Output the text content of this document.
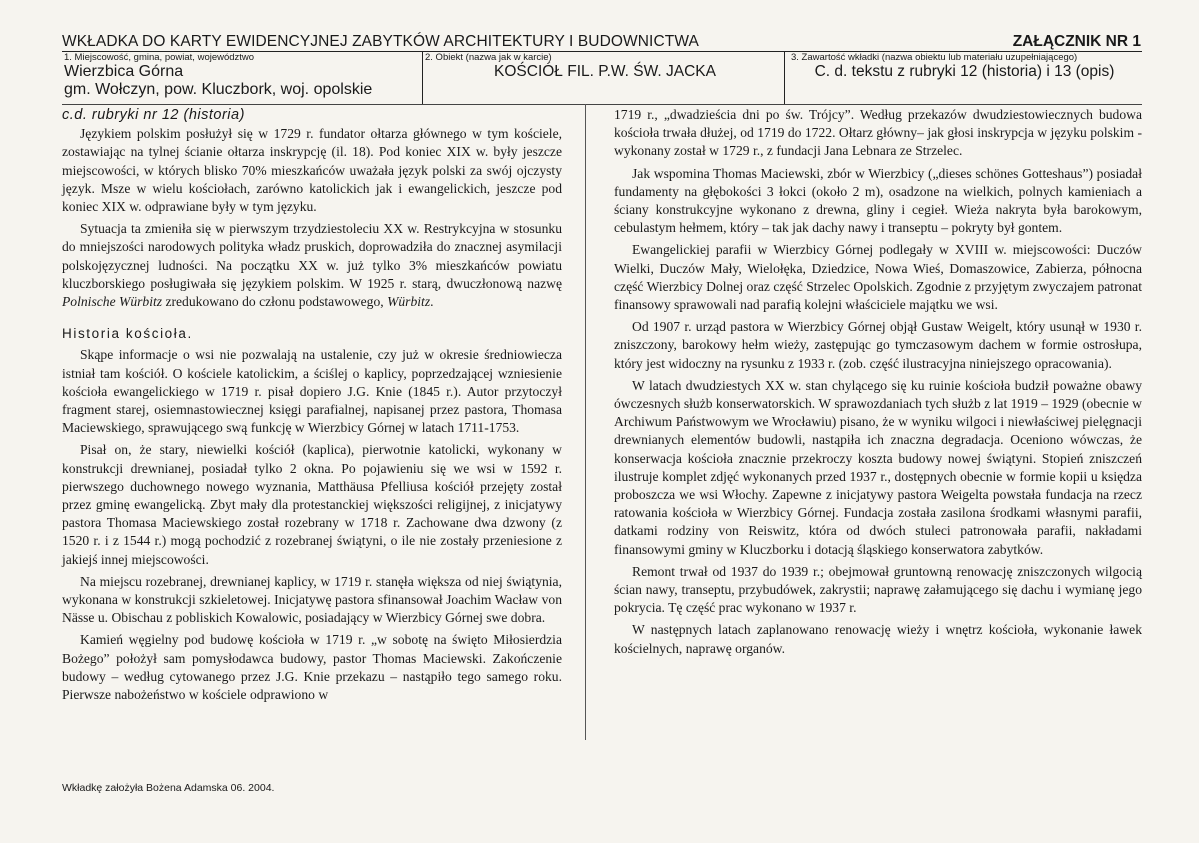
WKŁADKA DO KARTY EWIDENCYJNEJ ZABYTKÓW ARCHITEKTURY I BUDOWNICTWA	ZAŁĄCZNIK NR 1
1. Miejscowość, gmina, powiat, województwo
Wierzbica Górna
gm. Wołczyn, pow. Kluczbork, woj. opolskie
2. Obiekt (nazwa jak w karcie)
KOŚCIÓŁ FIL. P.W. ŚW. JACKA
3. Zawartość wkładki (nazwa obiektu lub materiału uzupełniającego)
C. d. tekstu z rubryki 12 (historia) i 13 (opis)
c.d. rubryki nr 12 (historia)

Językiem polskim posłużył się w 1729 r. fundator ołtarza głównego w tym kościele, zostawiając na tylnej ścianie ołtarza inskrypcję (il. 18). Pod koniec XIX w. były jeszcze miejscowości, w których blisko 70% mieszkańców uważała język polski za swój ojczysty język. Msze w wielu kościołach, zarówno katolickich jak i ewangelickich, jeszcze pod koniec XIX w. odprawiane były w tym języku.

Sytuacja ta zmieniła się w pierwszym trzydziestoleciu XX w. Restrykcyjna w stosunku do mniejszości narodowych polityka władz pruskich, doprowadziła do znacznej asymilacji polskojęzycznej ludności. Na początku XX w. już tylko 3% mieszkańców powiatu kluczborskiego posługiwała się językiem polskim. W 1925 r. starą, dwuczłonową nazwę Polnische Würbitz zredukowano do członu podstawowego, Würbitz.

Historia kościoła.

Skąpe informacje o wsi nie pozwalają na ustalenie, czy już w okresie średniowiecza istniał tam kościół. O kościele katolickim, a ściślej o kaplicy, poprzedzającej wzniesienie kościoła ewangelickiego w 1719 r. pisał dopiero J.G. Knie (1845 r.). Autor przytoczył fragment starej, osiemnastowiecznej księgi parafialnej, napisanej przez pastora, Thomasa Maciewskiego, sprawującego swą funkcję w Wierzbicy Górnej w latach 1711-1753.

Pisał on, że stary, niewielki kościół (kaplica), pierwotnie katolicki, wykonany w konstrukcji drewnianej, posiadał tylko 2 okna. Po pojawieniu się we wsi w 1592 r. pierwszego duchownego nowego wyznania, Matthäusa Pfelliusa kościół przejęty został przez gminę ewangelicką. Zbyt mały dla protestanckiej większości religijnej, z inicjatywy pastora Thomasa Maciewskiego został rozebrany w 1718 r. Zachowane dwa dzwony (z 1520 r. i z 1544 r.) mogą pochodzić z rozebranej świątyni, o ile nie zostały przeniesione z jakiejś innej miejscowości.

Na miejscu rozebranej, drewnianej kaplicy, w 1719 r. stanęła większa od niej świątynia, wykonana w konstrukcji szkieletowej. Inicjatywę pastora sfinansował Joachim Wacław von Nässe u. Obischau z pobliskich Kowalowic, posiadający w Wierzbicy Górnej swe dobra.

Kamień węgielny pod budowę kościoła w 1719 r. „w sobotę na święto Miłosierdzia Bożego” położył sam pomysłodawca budowy, pastor Thomas Maciewski. Zakończenie budowy – według cytowanego przez J.G. Knie przekazu – nastąpiło tego samego roku. Pierwsze nabożeństwo w kościele odprawiono w

1719 r., „dwadzieścia dni po św. Trójcy”. Według przekazów dwudziestowiecznych budowa kościoła trwała dłużej, od 1719 do 1722. Ołtarz główny– jak głosi inskrypcja w języku polskim - wykonany został w 1729 r., z fundacji Jana Lebnara ze Strzelec.

Jak wspomina Thomas Maciewski, zbór w Wierzbicy („dieses schönes Gotteshaus”) posiadał fundamenty na głębokości 3 łokci (około 2 m), osadzone na wielkich, polnych kamieniach a ściany konstrukcyjne wykonano z drewna, gliny i cegieł. Wieża nakryta była barokowym, cebulastym hełmem, który – tak jak dachy nawy i transeptu – pokryty był gontem.

Ewangelickiej parafii w Wierzbicy Górnej podlegały w XVIII w. miejscowości: Duczów Wielki, Duczów Mały, Wielołęka, Dziedzice, Nowa Wieś, Domaszowice, Zabierza, północna część Wierzbicy Dolnej oraz część Strzelec Opolskich. Zgodnie z przyjętym zwyczajem patronat finansowy sprawowali nad parafią kolejni właściciele majątku we wsi.

Od 1907 r. urząd pastora w Wierzbicy Górnej objął Gustaw Weigelt, który usunął w 1930 r. zniszczony, barokowy hełm wieży, zastępując go tymczasowym dachem w formie ostrosłupa, który jest widoczny na rysunku z 1933 r. (zob. część ilustracyjna niniejszego opracowania).

W latach dwudziestych XX w. stan chylącego się ku ruinie kościoła budził poważne obawy ówczesnych służb konserwatorskich. W sprawozdaniach tych służb z lat 1919 – 1929 (obecnie w Archiwum Państwowym we Wrocławiu) pisano, że w wyniku wilgoci i niewłaściwej pielęgnacji drewnianych elementów budowli, nastąpiła ich znaczna degradacja. Oceniono wówczas, że konserwacja kościoła znacznie przekroczy koszta budowy nowej świątyni. Stopień zniszczeń ilustruje komplet zdjęć wykonanych przed 1937 r., dostępnych obecnie w formie kopii u księdza proboszcza we wsi Włochy. Zapewne z inicjatywy pastora Weigelta powstała fundacja na rzecz ratowania kościoła w Wierzbicy Górnej. Fundacja została zasilona środkami własnymi parafii, datkami rodziny von Reiswitz, która od dwóch stuleci patronowała parafii, nakładami finansowymi gminy w Kluczborku i dotacją śląskiego konserwatora zabytków.

Remont trwał od 1937 do 1939 r.; obejmował gruntowną renowację zniszczonych wilgocią ścian nawy, transeptu, przybudówek, zakrystii; naprawę załamującego się dachu i wymianę jego pokrycia. Tę część prac wykonano w 1937 r.

W następnych latach zaplanowano renowację wieży i wnętrz kościoła, wykonanie ławek kościelnych, naprawę organów.

Wkładkę założyła Bożena Adamska 06. 2004.
